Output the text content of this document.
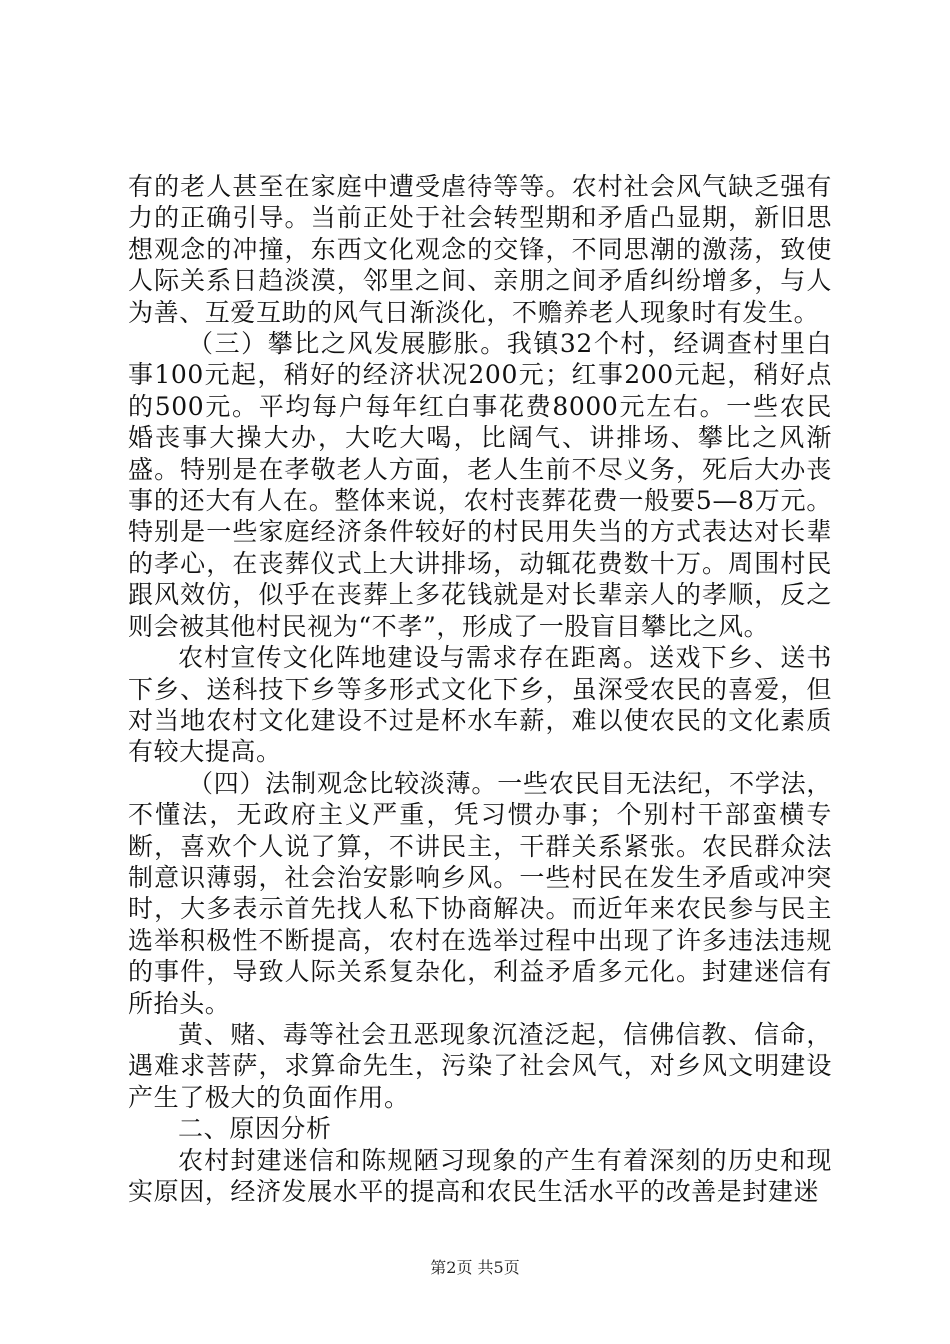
有的老人甚至在家庭中遭受虐待等等。农村社会风气缺乏强有力的正确引导。当前正处于社会转型期和矛盾凸显期，新旧思想观念的冲撞，东西文化观念的交锋，不同思潮的激荡，致使人际关系日趋淡漠，邻里之间、亲朋之间矛盾纠纷增多，与人为善、互爱互助的风气日渐淡化，不赡养老人现象时有发生。

（三）攀比之风发展膨胀。我镇32个村，经调查村里白事100元起，稍好的经济状况200元；红事200元起，稍好点的500元。平均每户每年红白事花费8000元左右。一些农民婚丧事大操大办，大吃大喝，比阔气、讲排场、攀比之风渐盛。特别是在孝敬老人方面，老人生前不尽义务，死后大办丧事的还大有人在。整体来说，农村丧葬花费一般要5—8万元。特别是一些家庭经济条件较好的村民用失当的方式表达对长辈的孝心，在丧葬仪式上大讲排场，动辄花费数十万。周围村民跟风效仿，似乎在丧葬上多花钱就是对长辈亲人的孝顺，反之则会被其他村民视为“不孝”，形成了一股盲目攀比之风。

农村宣传文化阵地建设与需求存在距离。送戏下乡、送书下乡、送科技下乡等多形式文化下乡，虽深受农民的喜爱，但对当地农村文化建设不过是杯水车薪，难以使农民的文化素质有较大提高。

（四）法制观念比较淡薄。一些农民目无法纪，不学法，不懂法，无政府主义严重，凭习惯办事；个别村干部蛮横专断，喜欢个人说了算，不讲民主，干群关系紧张。农民群众法制意识薄弱，社会治安影响乡风。一些村民在发生矛盾或冲突时，大多表示首先找人私下协商解决。而近年来农民参与民主选举积极性不断提高，农村在选举过程中出现了许多违法违规的事件，导致人际关系复杂化，利益矛盾多元化。封建迷信有所抬头。

黄、赌、毒等社会丑恶现象沉渣泛起，信佛信教、信命，遇难求菩萨，求算命先生，污染了社会风气，对乡风文明建设产生了极大的负面作用。

二、原因分析

农村封建迷信和陈规陋习现象的产生有着深刻的历史和现实原因，经济发展水平的提高和农民生活水平的改善是封建迷

第2页 共5页
